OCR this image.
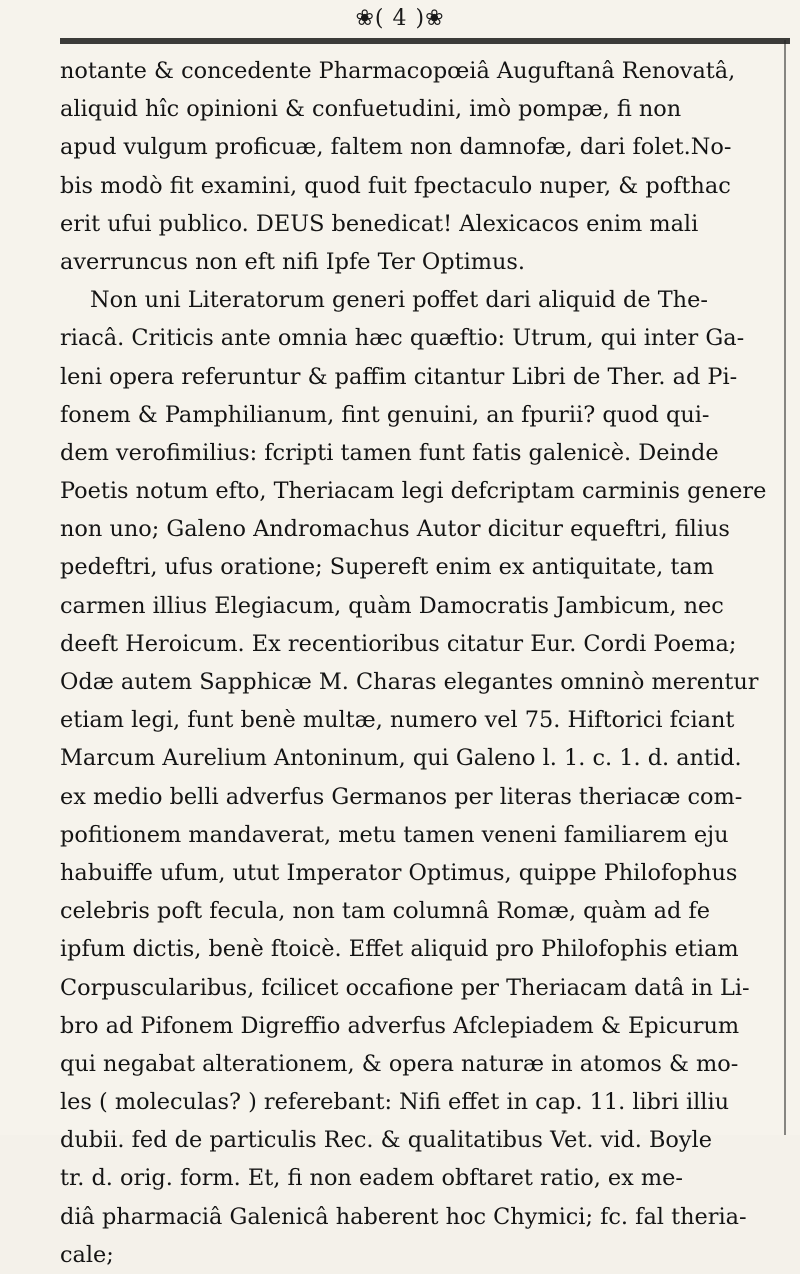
❀( 4 )❀
notante & concedente Pharmacopœiâ Auguftanâ Renovatâ,
aliquid hîc opinioni & confuetudini, imò pompæ, fi non
apud vulgum proficuæ, faltem non damnofæ, dari folet.No-
bis modò fit examini, quod fuit fpectaculo nuper, & pofthac
erit ufui publico. DEUS benedicat! Alexicacos enim mali
averruncus non eft nifi Ipfe Ter Optimus.
Non uni Literatorum generi poffet dari aliquid de The-
riacâ. Criticis ante omnia hæc quæftio: Utrum, qui inter Ga-
leni opera referuntur & paffim citantur Libri de Ther. ad Pi-
fonem & Pamphilianum, fint genuini, an fpurii? quod qui-
dem verofimilius: fcripti tamen funt fatis galenicè. Deinde
Poetis notum efto, Theriacam legi defcriptam carminis genere
non uno; Galeno Andromachus Autor dicitur equeftri, filius
pedeftri, ufus oratione; Supereft enim ex antiquitate, tam
carmen illius Elegiacum, quàm Damocratis Jambicum, nec
deeft Heroicum. Ex recentioribus citatur Eur. Cordi Poema;
Odæ autem Sapphicæ M. Charas elegantes omninò merentur
etiam legi, funt benè multæ, numero vel 75. Hiftorici fciant
Marcum Aurelium Antoninum, qui Galeno l. 1. c. 1. d. antid.
ex medio belli adverfus Germanos per literas theriacæ com-
pofitionem mandaverat, metu tamen veneni familiarem eju
habuiffe ufum, utut Imperator Optimus, quippe Philofophus
celebris poft fecula, non tam columnâ Romæ, quàm ad fe
ipfum dictis, benè ftoicè. Effet aliquid pro Philofophis etiam
Corpuscularibus, fcilicet occafione per Theriacam datâ in Li-
bro ad Pifonem Digreffio adverfus Afclepiadem & Epicurum
qui negabat alterationem, & opera naturæ in atomos & mo-
les ( moleculas? ) referebant: Nifi effet in cap. 11. libri illiu
dubii. fed de particulis Rec. & qualitatibus Vet. vid. Boyle
tr. d. orig. form. Et, fi non eadem obftaret ratio, ex me-
diâ pharmaciâ Galenicâ haberent hoc Chymici; fc. fal theria-
cale;
